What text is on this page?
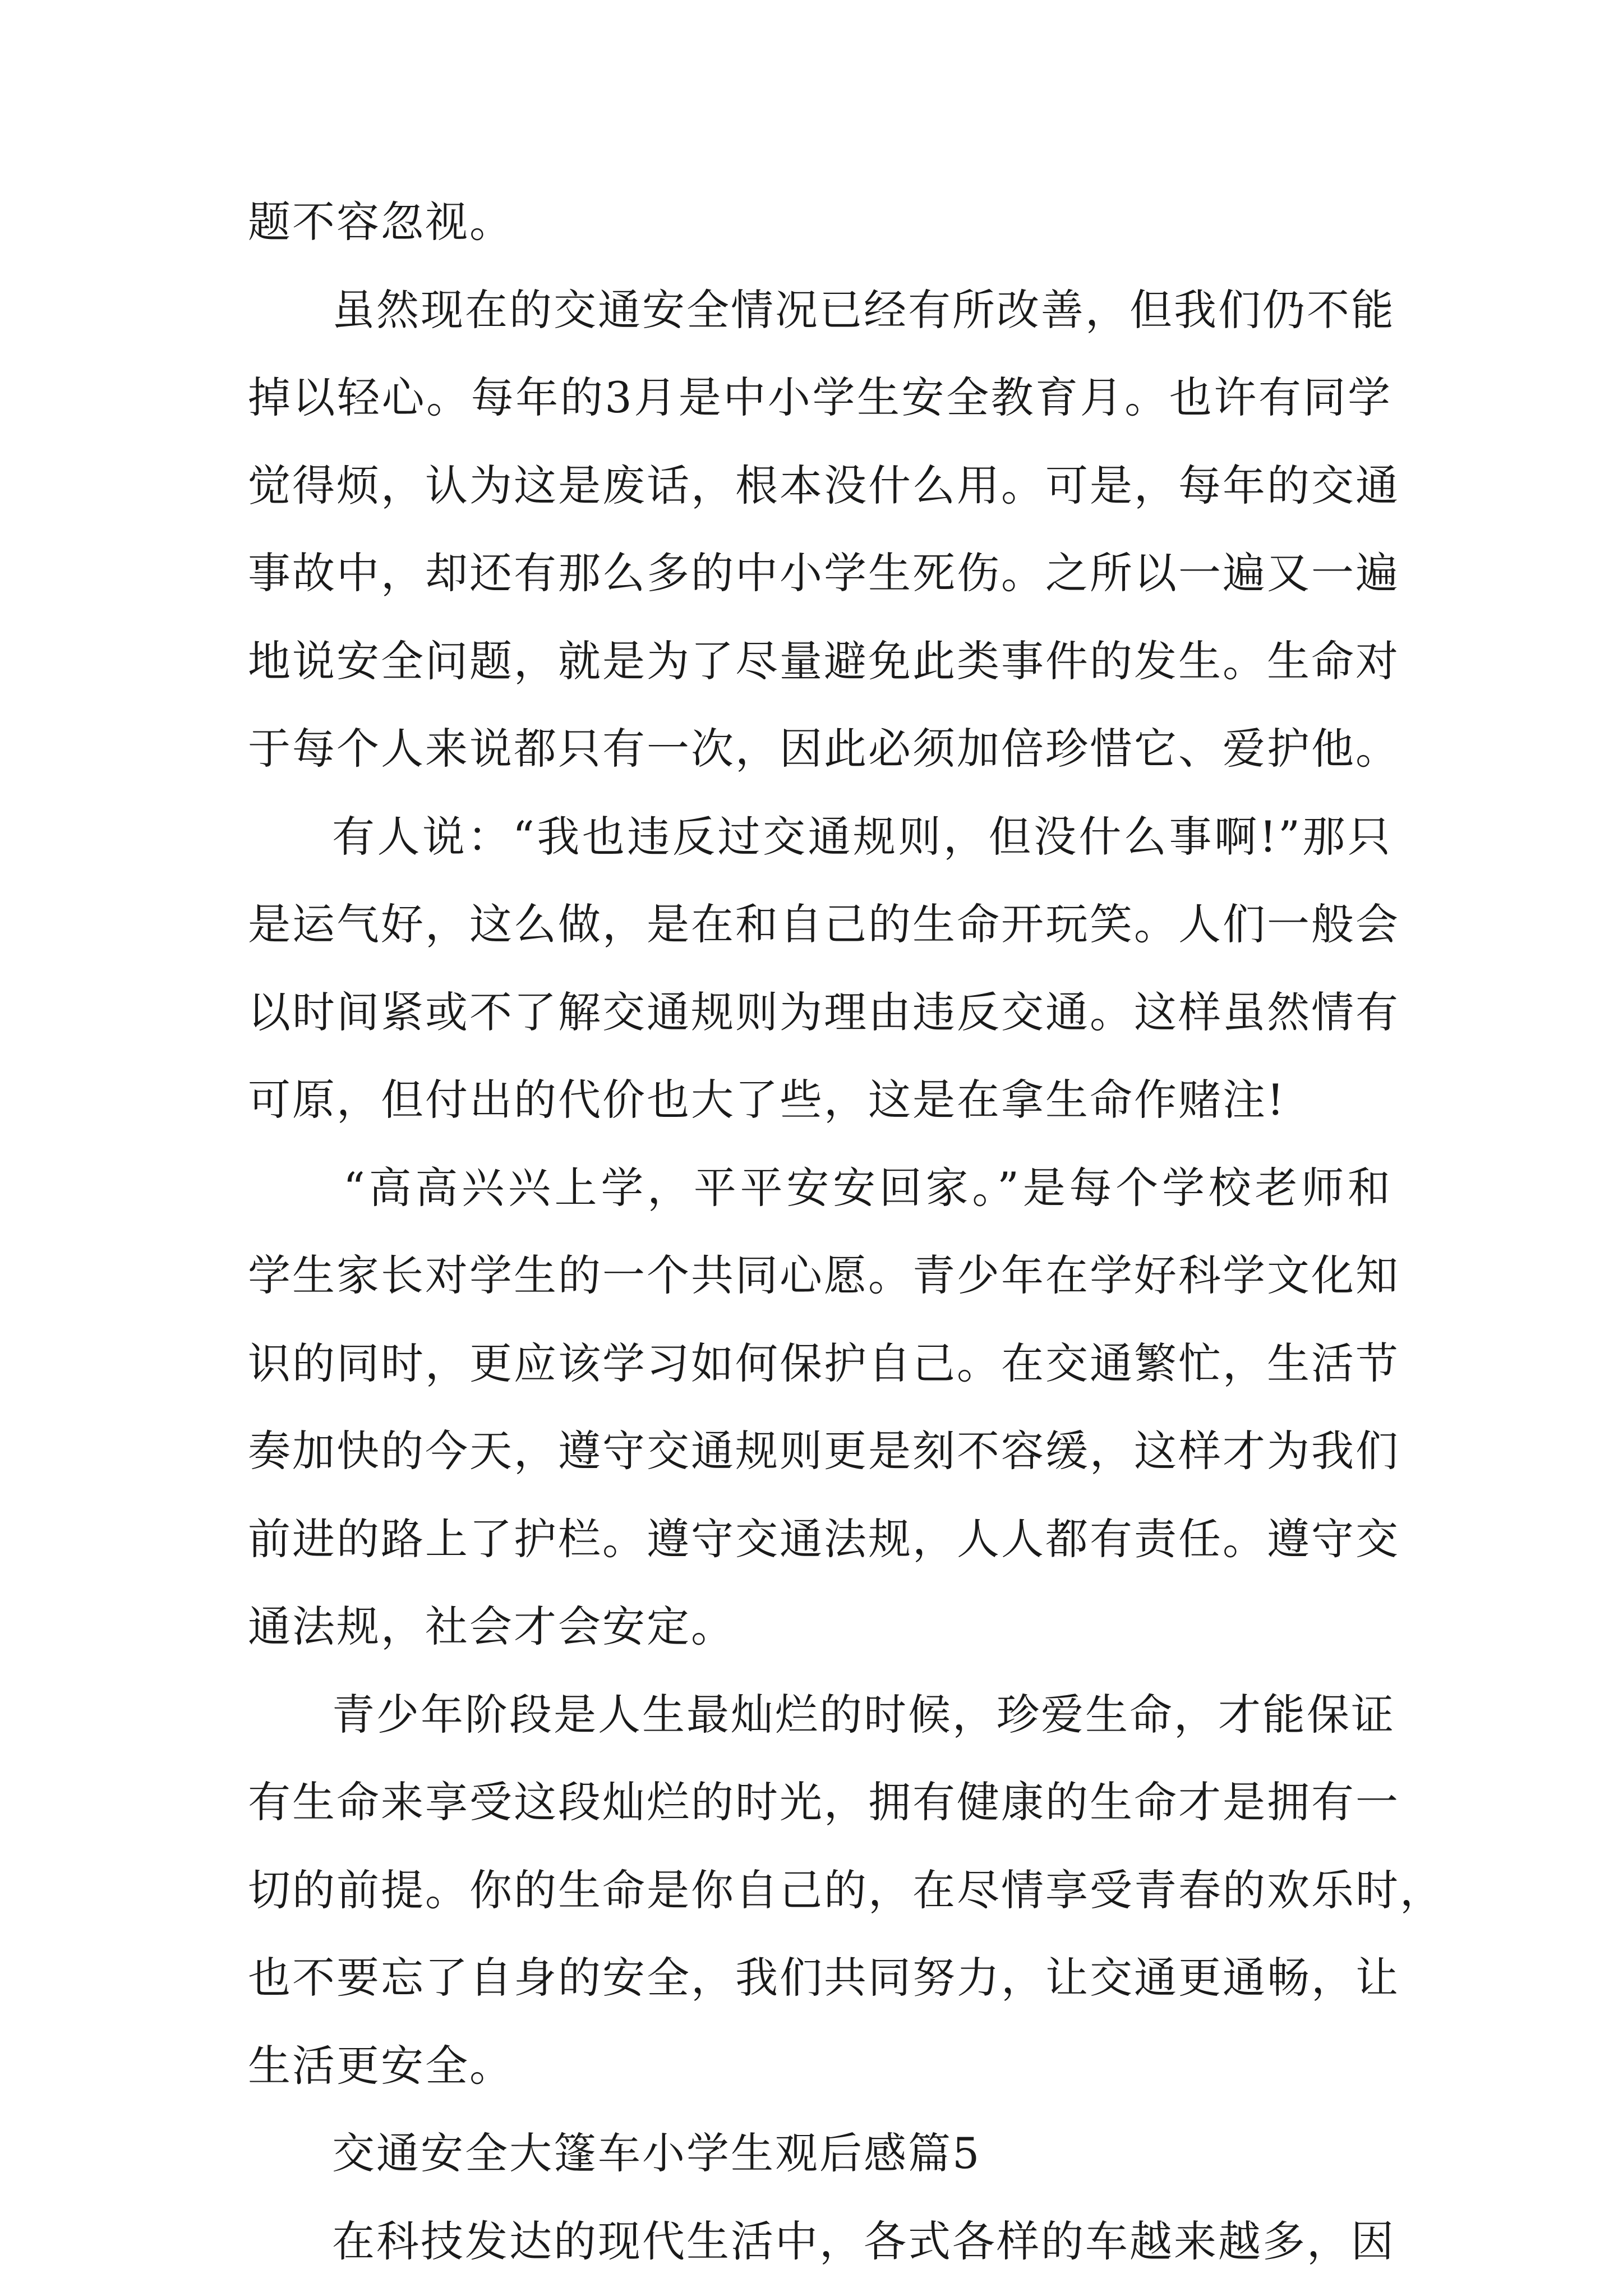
题不容忽视。
虽然现在的交通安全情况已经有所改善，但我们仍不能
掉以轻心。每年的3月是中小学生安全教育月。也许有同学
觉得烦，认为这是废话，根本没什么用。可是，每年的交通
事故中，却还有那么多的中小学生死伤。之所以一遍又一遍
地说安全问题，就是为了尽量避免此类事件的发生。生命对
于每个人来说都只有一次，因此必须加倍珍惜它、爱护他。
有人说：“我也违反过交通规则，但没什么事啊!”那只
是运气好，这么做，是在和自己的生命开玩笑。人们一般会
以时间紧或不了解交通规则为理由违反交通。这样虽然情有
可原，但付出的代价也大了些，这是在拿生命作赌注!
“高高兴兴上学，平平安安回家。”是每个学校老师和
学生家长对学生的一个共同心愿。青少年在学好科学文化知
识的同时，更应该学习如何保护自己。在交通繁忙，生活节
奏加快的今天，遵守交通规则更是刻不容缓，这样才为我们
前进的路上了护栏。遵守交通法规，人人都有责任。遵守交
通法规，社会才会安定。
青少年阶段是人生最灿烂的时候，珍爱生命，才能保证
有生命来享受这段灿烂的时光，拥有健康的生命才是拥有一
切的前提。你的生命是你自己的，在尽情享受青春的欢乐时，
也不要忘了自身的安全，我们共同努力，让交通更通畅，让
生活更安全。
交通安全大篷车小学生观后感篇5
在科技发达的现代生活中，各式各样的车越来越多，因
